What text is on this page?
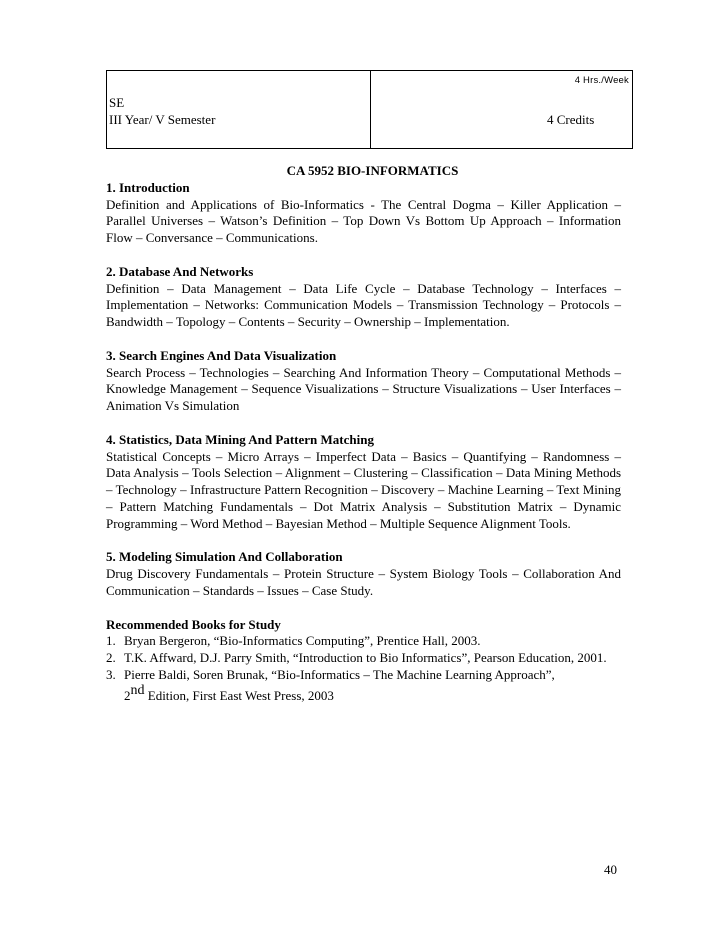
SE
III Year/ V Semester

4 Hrs./Week
4 Credits

CA 5952 BIO-INFORMATICS

1. Introduction

Definition and Applications of Bio-Informatics - The Central Dogma – Killer Application – Parallel Universes – Watson’s Definition – Top Down Vs Bottom Up Approach – Information Flow – Conversance – Communications.

2. Database And Networks

Definition – Data Management – Data Life Cycle – Database Technology – Interfaces – Implementation – Networks: Communication Models – Transmission Technology – Protocols – Bandwidth – Topology – Contents – Security – Ownership – Implementation.

3. Search Engines And Data Visualization

Search Process – Technologies – Searching And Information Theory – Computational Methods – Knowledge Management – Sequence Visualizations – Structure Visualizations – User Interfaces – Animation Vs Simulation

4. Statistics, Data Mining And Pattern Matching

Statistical Concepts – Micro Arrays – Imperfect Data – Basics – Quantifying – Randomness – Data Analysis – Tools Selection – Alignment – Clustering – Classification – Data Mining Methods – Technology – Infrastructure Pattern Recognition – Discovery – Machine Learning – Text Mining – Pattern Matching Fundamentals – Dot Matrix Analysis – Substitution Matrix – Dynamic Programming – Word Method – Bayesian Method – Multiple Sequence Alignment Tools.

5. Modeling Simulation And Collaboration

Drug Discovery Fundamentals – Protein Structure – System Biology Tools – Collaboration And Communication – Standards – Issues – Case Study.

Recommended Books for Study

1. Bryan Bergeron, “Bio-Informatics Computing”, Prentice Hall, 2003.
2. T.K. Affward, D.J. Parry Smith, “Introduction to Bio Informatics”, Pearson Education, 2001.
3. Pierre Baldi, Soren Brunak, “Bio-Informatics – The Machine Learning Approach”,
2nd Edition, First East West Press, 2003
40
